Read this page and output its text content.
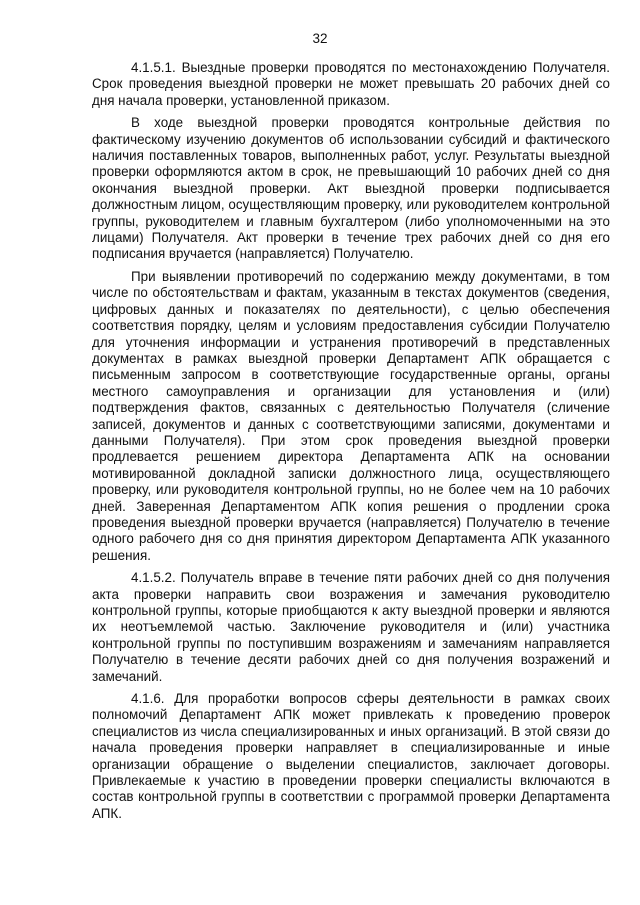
32

4.1.5.1. Выездные проверки проводятся по местонахождению Получателя. Срок проведения выездной проверки не может превышать 20 рабочих дней со дня начала проверки, установленной приказом.

В ходе выездной проверки проводятся контрольные действия по фактическому изучению документов об использовании субсидий и фактического наличия поставленных товаров, выполненных работ, услуг. Результаты выездной проверки оформляются актом в срок, не превышающий 10 рабочих дней со дня окончания выездной проверки. Акт выездной проверки подписывается должностным лицом, осуществляющим проверку, или руководителем контрольной группы, руководителем и главным бухгалтером (либо уполномоченными на это лицами) Получателя. Акт проверки в течение трех рабочих дней со дня его подписания вручается (направляется) Получателю.

При выявлении противоречий по содержанию между документами, в том числе по обстоятельствам и фактам, указанным в текстах документов (сведения, цифровых данных и показателях по деятельности), с целью обеспечения соответствия порядку, целям и условиям предоставления субсидии Получателю для уточнения информации и устранения противоречий в представленных документах в рамках выездной проверки Департамент АПК обращается с письменным запросом в соответствующие государственные органы, органы местного самоуправления и организации для установления и (или) подтверждения фактов, связанных с деятельностью Получателя (сличение записей, документов и данных с соответствующими записями, документами и данными Получателя). При этом срок проведения выездной проверки продлевается решением директора Департамента АПК на основании мотивированной докладной записки должностного лица, осуществляющего проверку, или руководителя контрольной группы, но не более чем на 10 рабочих дней. Заверенная Департаментом АПК копия решения о продлении срока проведения выездной проверки вручается (направляется) Получателю в течение одного рабочего дня со дня принятия директором Департамента АПК указанного решения.

4.1.5.2. Получатель вправе в течение пяти рабочих дней со дня получения акта проверки направить свои возражения и замечания руководителю контрольной группы, которые приобщаются к акту выездной проверки и являются их неотъемлемой частью. Заключение руководителя и (или) участника контрольной группы по поступившим возражениям и замечаниям направляется Получателю в течение десяти рабочих дней со дня получения возражений и замечаний.

4.1.6. Для проработки вопросов сферы деятельности в рамках своих полномочий Департамент АПК может привлекать к проведению проверок специалистов из числа специализированных и иных организаций. В этой связи до начала проведения проверки направляет в специализированные и иные организации обращение о выделении специалистов, заключает договоры. Привлекаемые к участию в проведении проверки специалисты включаются в состав контрольной группы в соответствии с программой проверки Департамента АПК.
